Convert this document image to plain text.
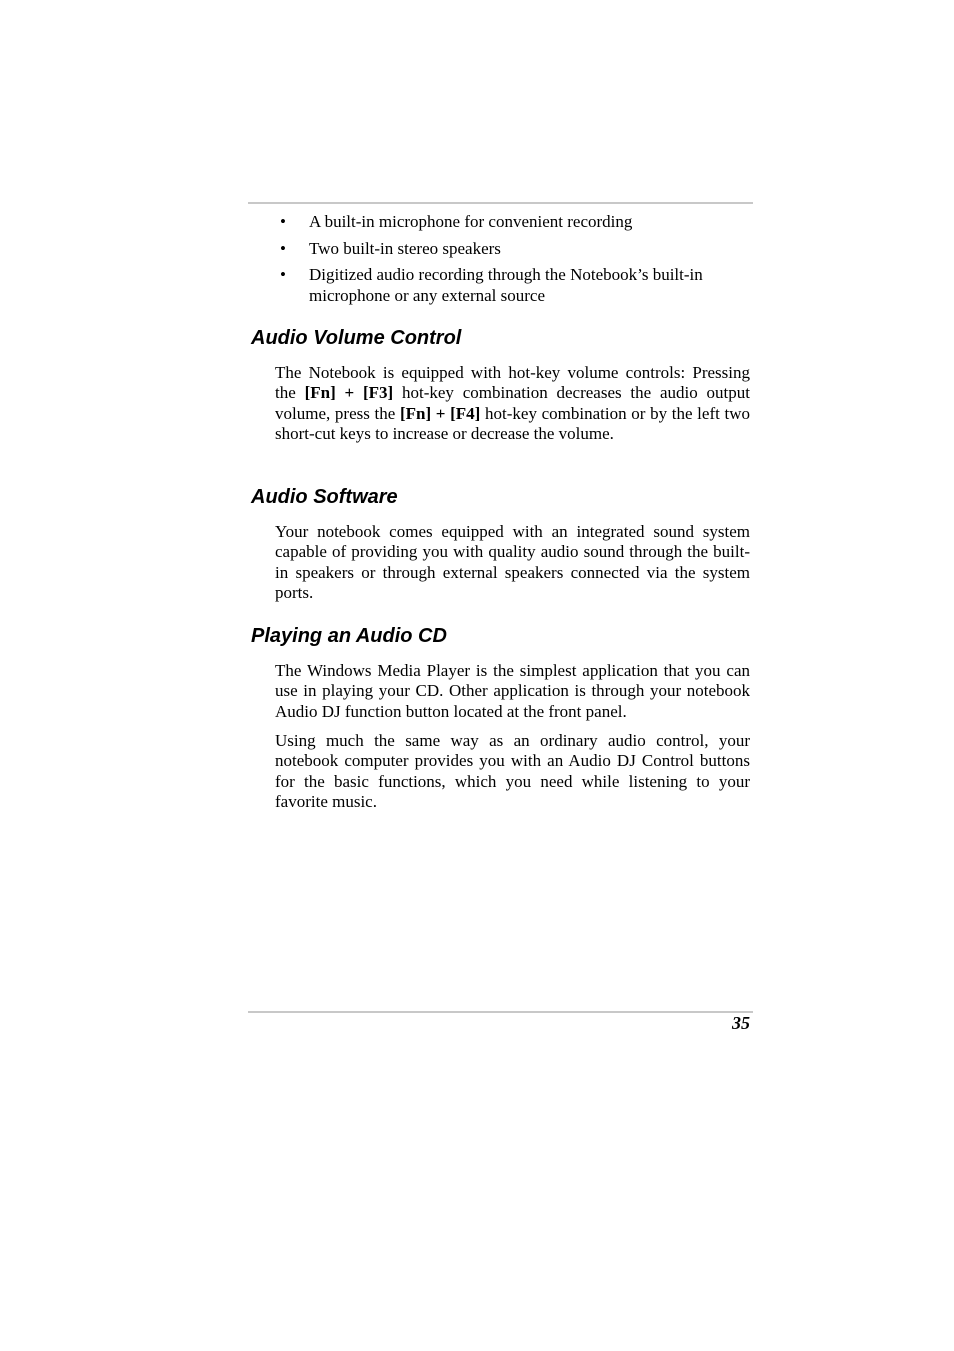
• A built-in microphone for convenient recording
• Two built-in stereo speakers
• Digitized audio recording through the Notebook’s built-in microphone or any external source
Audio Volume Control

The Notebook is equipped with hot-key volume controls: Pressing the [Fn] + [F3] hot-key combination decreases the audio output volume, press the [Fn] + [F4] hot-key combination or by the left two short-cut keys to increase or decrease the volume.

Audio Software

Your notebook comes equipped with an integrated sound system capable of providing you with quality audio sound through the built-in speakers or through external speakers connected via the system ports.

Playing an Audio CD

The Windows Media Player is the simplest application that you can use in playing your CD. Other application is through your notebook Audio DJ function button located at the front panel.

Using much the same way as an ordinary audio control, your notebook computer provides you with an Audio DJ Control buttons for the basic functions, which you need while listening to your favorite music.

35
